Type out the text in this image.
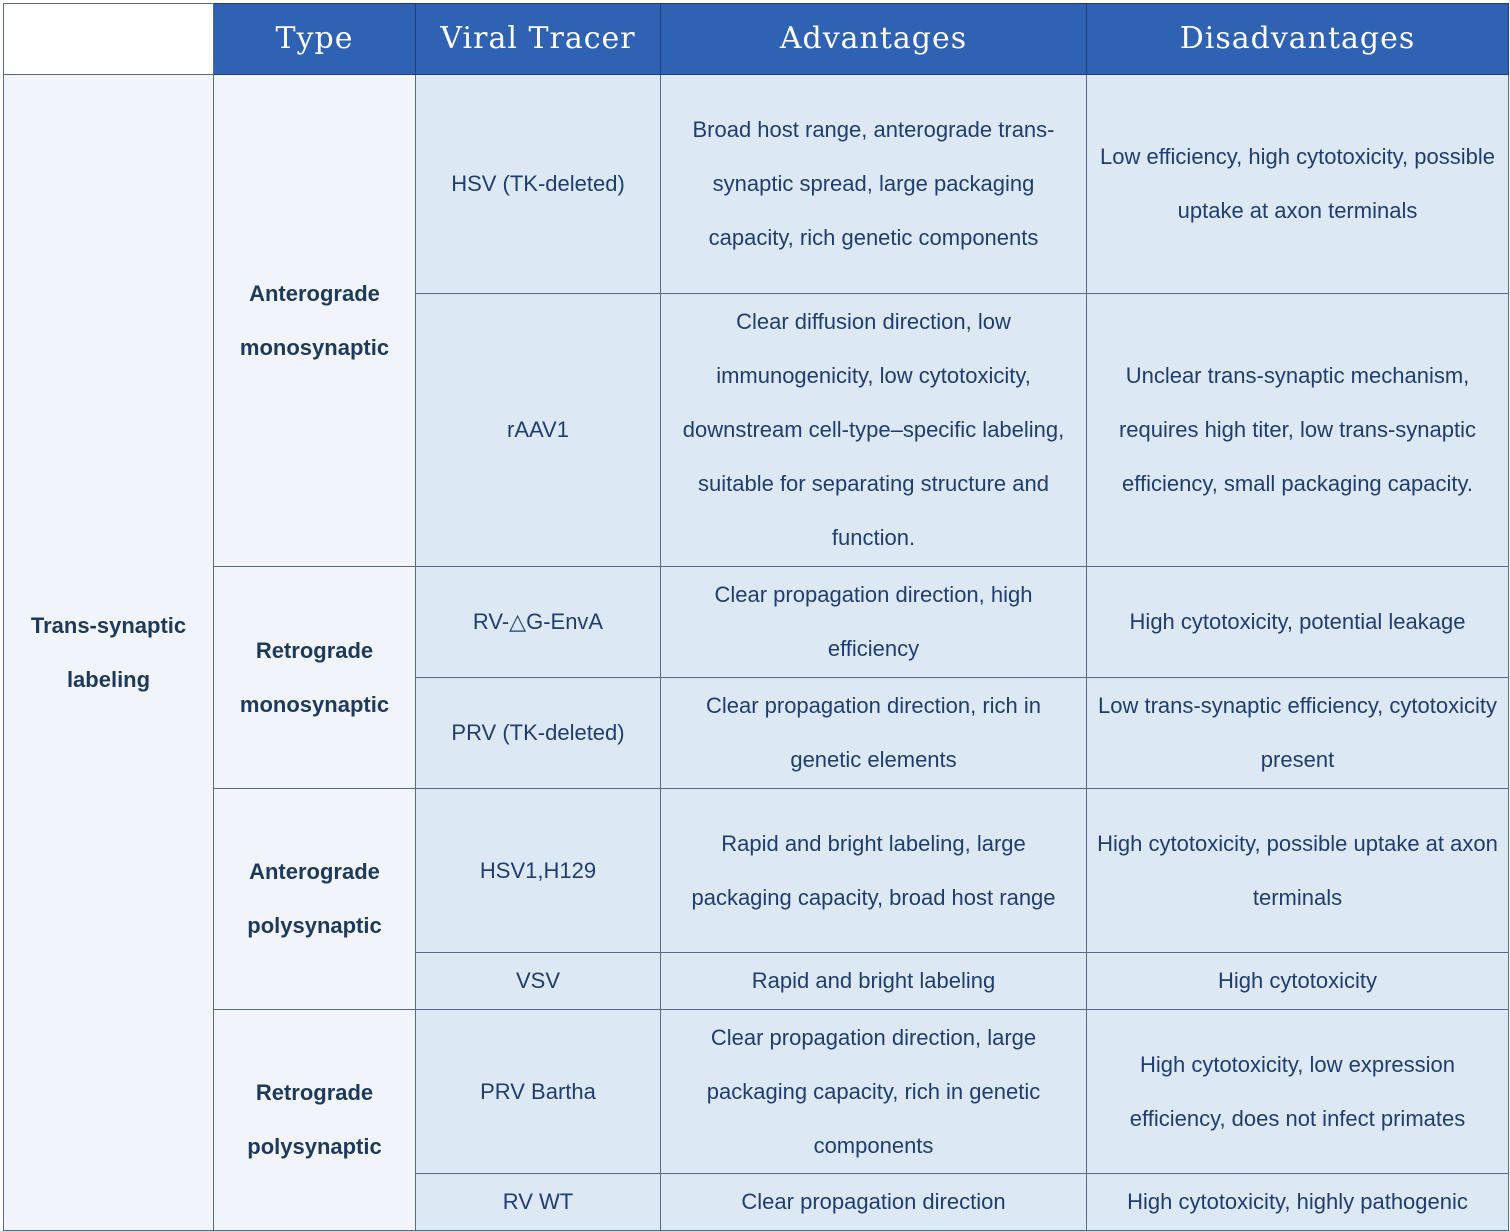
	Type	Viral Tracer	Advantages	Disadvantages
Trans-synaptic labeling	Anterograde monosynaptic	HSV (TK-deleted)	Broad host range, anterograde trans-synaptic spread, large packaging capacity, rich genetic components	Low efficiency, high cytotoxicity, possible uptake at axon terminals
		rAAV1	Clear diffusion direction, low immunogenicity, low cytotoxicity, downstream cell-type–specific labeling, suitable for separating structure and function.	Unclear trans-synaptic mechanism, requires high titer, low trans-synaptic efficiency, small packaging capacity.
	Retrograde monosynaptic	RV-△G-EnvA	Clear propagation direction, high efficiency	High cytotoxicity, potential leakage
		PRV (TK-deleted)	Clear propagation direction, rich in genetic elements	Low trans-synaptic efficiency, cytotoxicity present
	Anterograde polysynaptic	HSV1,H129	Rapid and bright labeling, large packaging capacity, broad host range	High cytotoxicity, possible uptake at axon terminals
		VSV	Rapid and bright labeling	High cytotoxicity
	Retrograde polysynaptic	PRV Bartha	Clear propagation direction, large packaging capacity, rich in genetic components	High cytotoxicity, low expression efficiency, does not infect primates
		RV WT	Clear propagation direction	High cytotoxicity, highly pathogenic
